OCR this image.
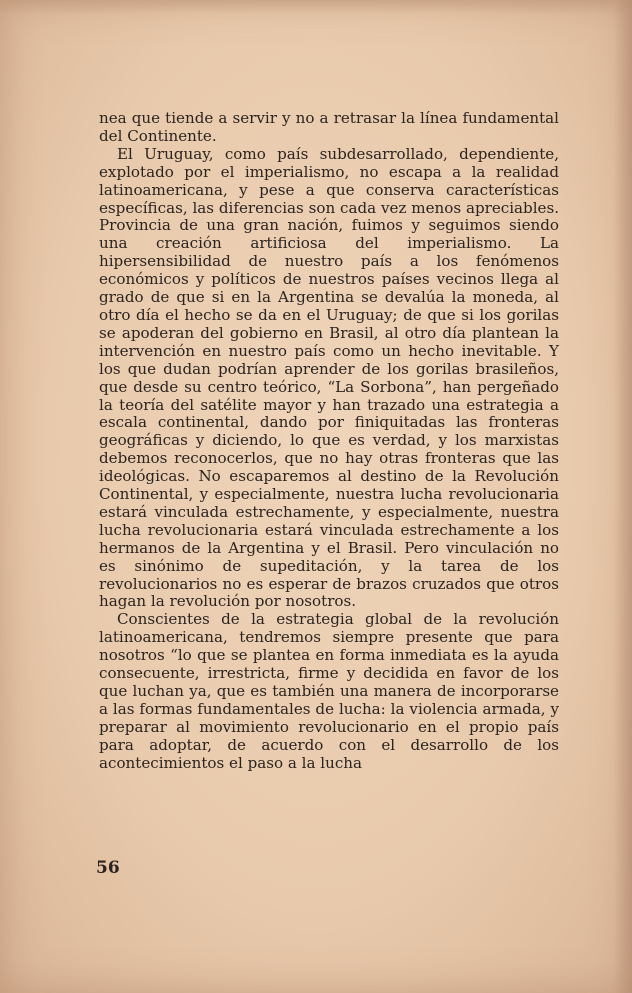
nea que tiende a servir y no a retrasar la línea fundamental del Continente.

El Uruguay, como país subdesarrollado, dependiente, explotado por el imperialismo, no escapa a la realidad latinoamericana, y pese a que conserva características específicas, las diferencias son cada vez menos apreciables. Provincia de una gran nación, fuimos y seguimos siendo una creación artificiosa del imperialismo. La hipersensibilidad de nuestro país a los fenómenos económicos y políticos de nuestros países vecinos llega al grado de que si en la Argentina se devalúa la moneda, al otro día el hecho se da en el Uruguay; de que si los gorilas se apoderan del gobierno en Brasil, al otro día plantean la intervención en nuestro país como un hecho inevitable. Y los que dudan podrían aprender de los gorilas brasileños, que desde su centro teórico, “La Sorbona”, han pergeñado la teoría del satélite mayor y han trazado una estrategia a escala continental, dando por finiquitadas las fronteras geográficas y diciendo, lo que es verdad, y los marxistas debemos reconocerlos, que no hay otras fronteras que las ideológicas. No escaparemos al destino de la Revolución Continental, y especialmente, nuestra lucha revolucionaria estará vinculada estrechamente, y especialmente, nuestra lucha revolucionaria estará vinculada estrechamente a los hermanos de la Argentina y el Brasil. Pero vinculación no es sinónimo de supeditación, y la tarea de los revolucionarios no es esperar de brazos cruzados que otros hagan la revolución por nosotros.

Conscientes de la estrategia global de la revolución latinoamericana, tendremos siempre presente que para nosotros “lo que se plantea en forma inmediata es la ayuda consecuente, irrestricta, firme y decidida en favor de los que luchan ya, que es también una manera de incorporarse a las formas fundamentales de lucha: la violencia armada, y preparar al movimiento revolucionario en el propio país para adoptar, de acuerdo con el desarrollo de los acontecimientos el paso a la lucha

56
